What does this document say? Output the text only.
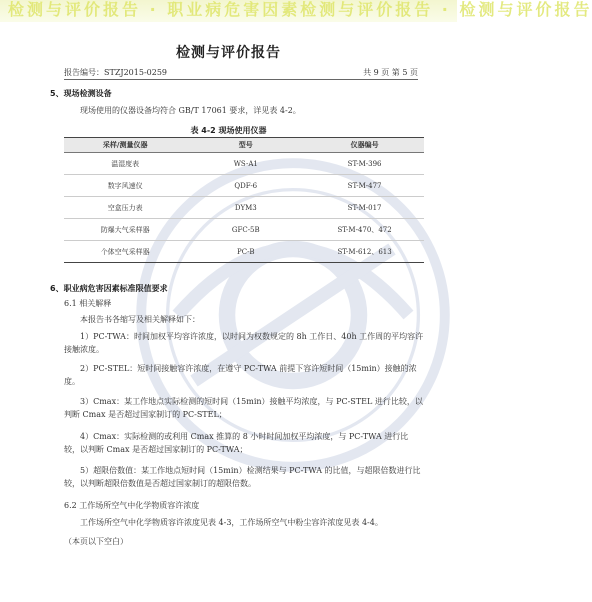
检测与评价报告 · 职业病危害因素检测与评价报告 · 检测与评价报告
检测与评价报告
报告编号：STZJ2015-0259	共 9 页 第 5 页
5、现场检测设备
现场使用的仪器设备均符合 GB/T 17061 要求，详见表 4-2。
表 4-2 现场使用仪器
采样/测量仪器	型号	仪器编号
温湿度表	WS-A1	ST-M-396
数字风速仪	QDF-6	ST-M-477
空盒压力表	DYM3	ST-M-017
防爆大气采样器	GFC-5B	ST-M-470、472
个体空气采样器	PC-B	ST-M-612、613
6、职业病危害因素标准限值要求
6.1 相关解释
本报告书各缩写及相关解释如下：
1）PC-TWA：时间加权平均容许浓度，以时间为权数规定的 8h 工作日、40h 工作周的平均容许接触浓度。
2）PC-STEL：短时间接触容许浓度，在遵守 PC-TWA 前提下容许短时间（15min）接触的浓度。
3）Cmax：某工作地点实际检测的短时间（15min）接触平均浓度，与 PC-STEL 进行比较，以判断 Cmax 是否超过国家制订的 PC-STEL；
4）Cmax：实际检测的或利用 Cmax 推算的 8 小时时间加权平均浓度，与 PC-TWA 进行比较，以判断 Cmax 是否超过国家制订的 PC-TWA；
5）超限倍数值：某工作地点短时间（15min）检测结果与 PC-TWA 的比值，与超限倍数进行比较，以判断超限倍数值是否超过国家制订的超限倍数。
6.2 工作场所空气中化学物质容许浓度
工作场所空气中化学物质容许浓度见表 4-3，工作场所空气中粉尘容许浓度见表 4-4。
（本页以下空白）
